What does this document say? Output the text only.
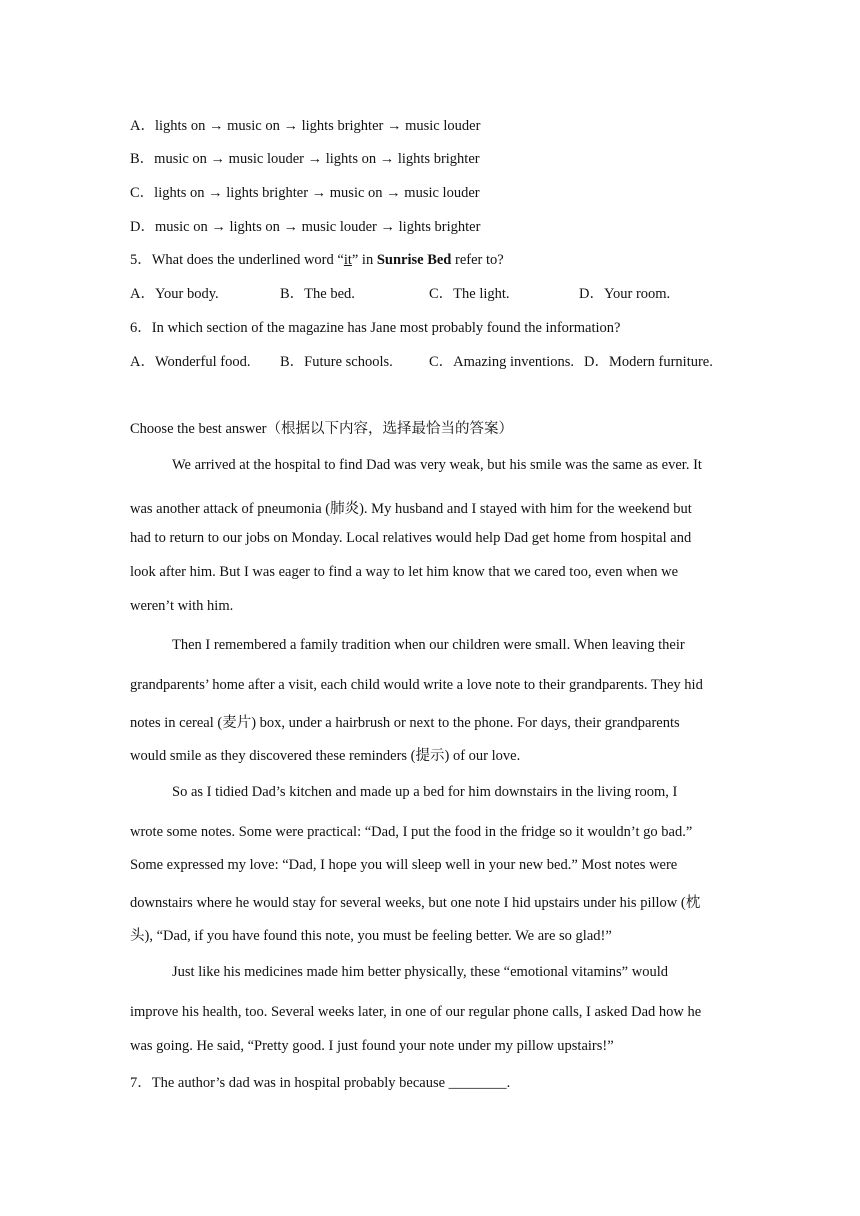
A．lights on → music on → lights brighter → music louder
B．music on → music louder → lights on → lights brighter
C．lights on → lights brighter → music on → music louder
D．music on → lights on → music louder → lights brighter
5．What does the underlined word “it” in Sunrise Bed refer to?
A．Your body.	B．The bed.	C．The light.	D．Your room.
6．In which section of the magazine has Jane most probably found the information?
A．Wonderful food. B．Future schools. C．Amazing inventions. D．Modern furniture.
Choose the best answer（根据以下内容，选择最恰当的答案）
We arrived at the hospital to find Dad was very weak, but his smile was the same as ever. It
was another attack of pneumonia (肺炎). My husband and I stayed with him for the weekend but
had to return to our jobs on Monday. Local relatives would help Dad get home from hospital and
look after him. But I was eager to find a way to let him know that we cared too, even when we
weren’t with him.
Then I remembered a family tradition when our children were small. When leaving their
grandparents’ home after a visit, each child would write a love note to their grandparents. They hid
notes in cereal (麦片) box, under a hairbrush or next to the phone. For days, their grandparents
would smile as they discovered these reminders (提示) of our love.
So as I tidied Dad’s kitchen and made up a bed for him downstairs in the living room, I
wrote some notes. Some were practical: “Dad, I put the food in the fridge so it wouldn’t go bad.”
Some expressed my love: “Dad, I hope you will sleep well in your new bed.” Most notes were
downstairs where he would stay for several weeks, but one note I hid upstairs under his pillow (枕
头), “Dad, if you have found this note, you must be feeling better. We are so glad!”
Just like his medicines made him better physically, these “emotional vitamins” would
improve his health, too. Several weeks later, in one of our regular phone calls, I asked Dad how he
was going. He said, “Pretty good. I just found your note under my pillow upstairs!”
7．The author’s dad was in hospital probably because ________.
